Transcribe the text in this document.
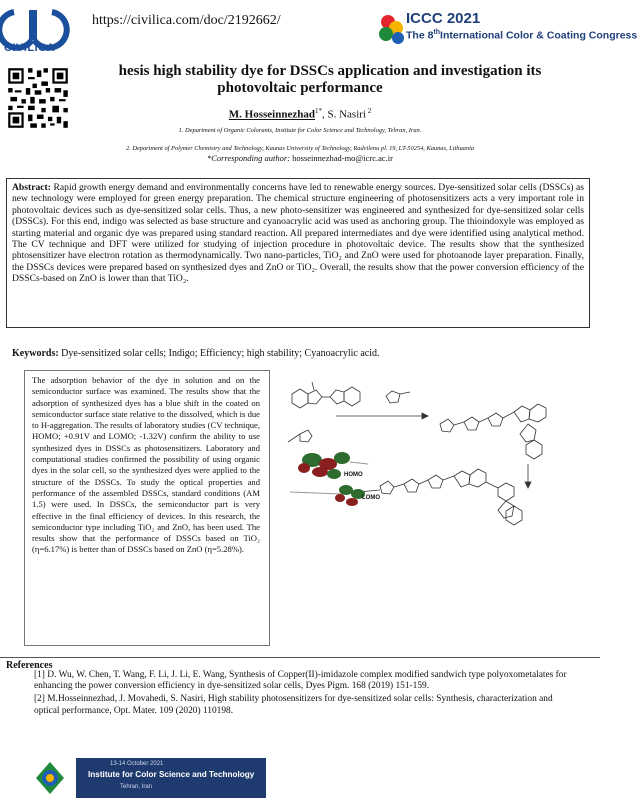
CIVILICA
https://civilica.com/doc/2192662/	ICCC 2021
The 8thInternational Color & Coating Congress
hesis high stability dye for DSSCs application and investigation its
photovoltaic performance
M. Hosseinnezhad$^{1*}$, S. Nasiri $^2$
1. Department of Organic Colorants, Institute for Color Science and Technology, Tehran, Iran.
2. Department of Polymer Chemistry and Technology, Kaunas University of Technology, Radvilenu pl. 19, LT-50254, Kaunas, Lithuania
*Corresponding author: hosseinnezhad-mo@icrc.ac.ir
Abstract: Rapid growth energy demand and environmentally concerns have led to renewable energy sources. Dye-sensitized solar cells (DSSCs) as new technology were employed for green energy preparation. The chemical structure engineering of photosensitizers acts a very important role in photovoltaic devices such as dye-sensitized solar cells. Thus, a new photo-sensitizer was engineered and synthesized for dye-sensitized solar cells (DSSCs). For this end, indigo was selected as base structure and cyanoacrylic acid was used as anchoring group. The thioindoxyle was employed as starting material and organic dye was prepared using standard reaction. All prepared intermediates and dye were identified using analytical method. The CV technique and DFT were utilized for studying of injection procedure in photovoltaic device. The results show that the synthesized phtosensitizer have electron rotation as thermodynamically. Two nano-particles, TiO₂ and ZnO were used for photoanode layer preparation. Finally, the DSSCs devices were prepared based on synthesized dyes and ZnO or TiO₂. Overall, the results show that the power conversion efficiency of the DSSCs-based on ZnO is lower than that TiO₂.
Keywords: Dye-sensitized solar cells; Indigo; Efficiency; high stability; Cyanoacrylic acid.
The adsorption behavior of the dye in solution and on the semiconductor surface was examined. The results show that the adsorption of synthesized dyes has a blue shift in the coated on semiconductor surface state relative to the dissolved, which is due to H-aggregation. The results of laboratory studies (CV technique, HOMO; +0.91V and LOMO; -1.32V) confirm the ability to use synthesized dyes in DSSCs as photosensitizers. Laboratory and computational studies confirmed the possibility of using organic dyes in the solar cell, so the synthesized dyes were applied to the structure of the DSSCs. To study the optical properties and performance of the assembled DSSCs, standard conditions (AM 1.5) were used. In DSSCs, the semiconductor part is very effective in the final efficiency of devices. In this research, the semiconductor type including TiO₂ and ZnO, has been used. The results show that the performance of DSSCs based on TiO₂ (η=6.17%) is better than of DSSCs based on ZnO (η=5.28%).
HOMO
LOMO
References

[1] D. Wu, W. Chen, T. Wang, F. Li, J. Li, E. Wang, Synthesis of Copper(II)-imidazole complex modified sandwich type polyoxometalates for enhancing the power conversion efficiency in dye-sensitized solar cells, Dyes Pigm. 168 (2019) 151-159.

[2] M.Hosseinnezhad, J. Movahedi, S. Nasiri, High stability photosensitizers for dye-sensitized solar cells: Synthesis, characterization and optical performance, Opt. Mater. 109 (2020) 110198.

13-14 October 2021
Institute for Color Science and Technology
Tehran, Iran
